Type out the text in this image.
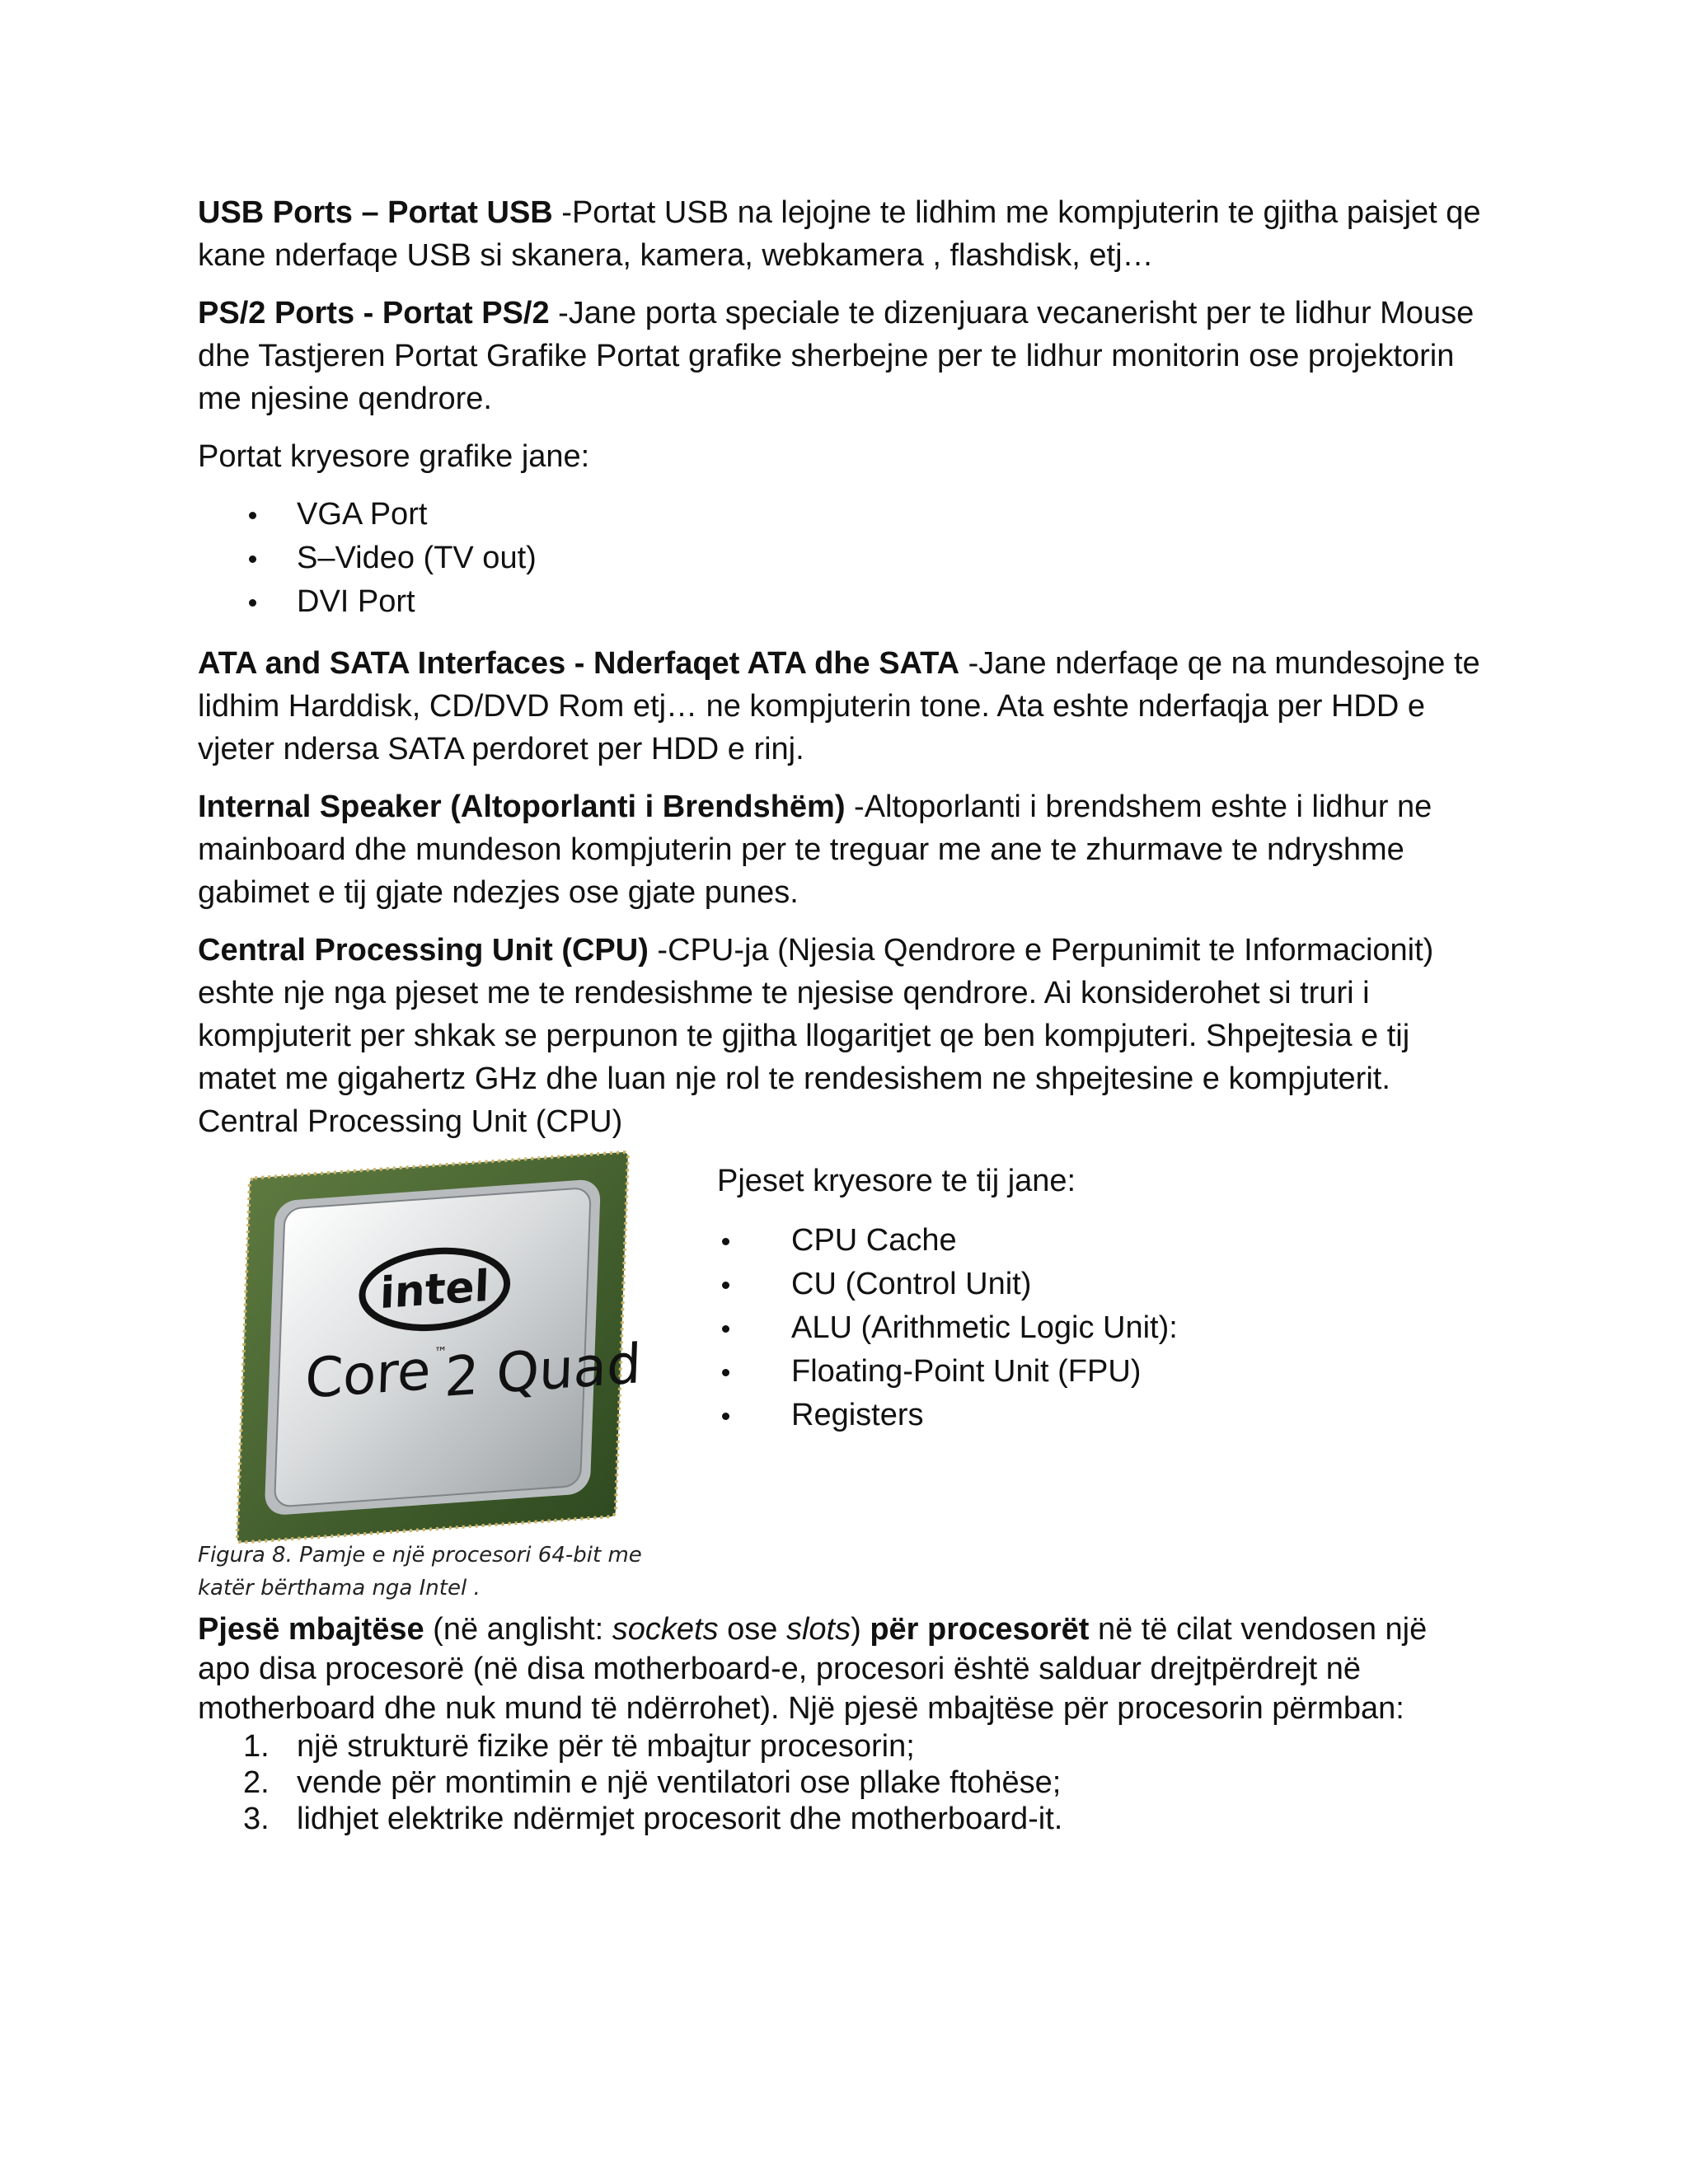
USB Ports – Portat USB -Portat USB na lejojne te lidhim me kompjuterin te gjitha paisjet qe kane nderfaqe USB si skanera, kamera, webkamera , flashdisk, etj…

PS/2 Ports - Portat PS/2 -Jane porta speciale te dizenjuara vecanerisht per te lidhur Mouse dhe Tastjeren Portat Grafike Portat grafike sherbejne per te lidhur monitorin ose projektorin me njesine qendrore.

Portat kryesore grafike jane:

VGA Port
S–Video (TV out)
DVI Port

ATA and SATA Interfaces - Nderfaqet ATA dhe SATA -Jane nderfaqe qe na mundesojne te lidhim Harddisk, CD/DVD Rom etj… ne kompjuterin tone. Ata eshte nderfaqja per HDD e vjeter ndersa SATA perdoret per HDD e rinj.

Internal Speaker (Altoporlanti i Brendshëm) -Altoporlanti i brendshem eshte i lidhur ne mainboard dhe mundeson kompjuterin per te treguar me ane te zhurmave te ndryshme gabimet e tij gjate ndezjes ose gjate punes.

Central Processing Unit (CPU) -CPU-ja (Njesia Qendrore e Perpunimit te Informacionit) eshte nje nga pjeset me te rendesishme te njesise qendrore. Ai konsiderohet si truri i kompjuterit per shkak se perpunon te gjitha llogaritjet qe ben kompjuteri. Shpejtesia e tij matet me gigahertz GHz dhe luan nje rol te rendesishem ne shpejtesine e kompjuterit. Central Processing Unit (CPU)

intel
Core ™
2 Quad
Figura 8. Pamje e një procesori 64-bit me katër bërthama nga Intel .

Pjeset kryesore te tij jane:

CPU Cache
CU (Control Unit)
ALU (Arithmetic Logic Unit):
Floating-Point Unit (FPU)
Registers

Pjesë mbajtëse (në anglisht: sockets ose slots) për procesorët në të cilat vendosen një apo disa procesorë (në disa motherboard-e, procesori është salduar drejtpërdrejt në motherboard dhe nuk mund të ndërrohet). Një pjesë mbajtëse për procesorin përmban:

1. një strukturë fizike për të mbajtur procesorin;
2. vende për montimin e një ventilatori ose pllake ftohëse;
3. lidhjet elektrike ndërmjet procesorit dhe motherboard-it.
